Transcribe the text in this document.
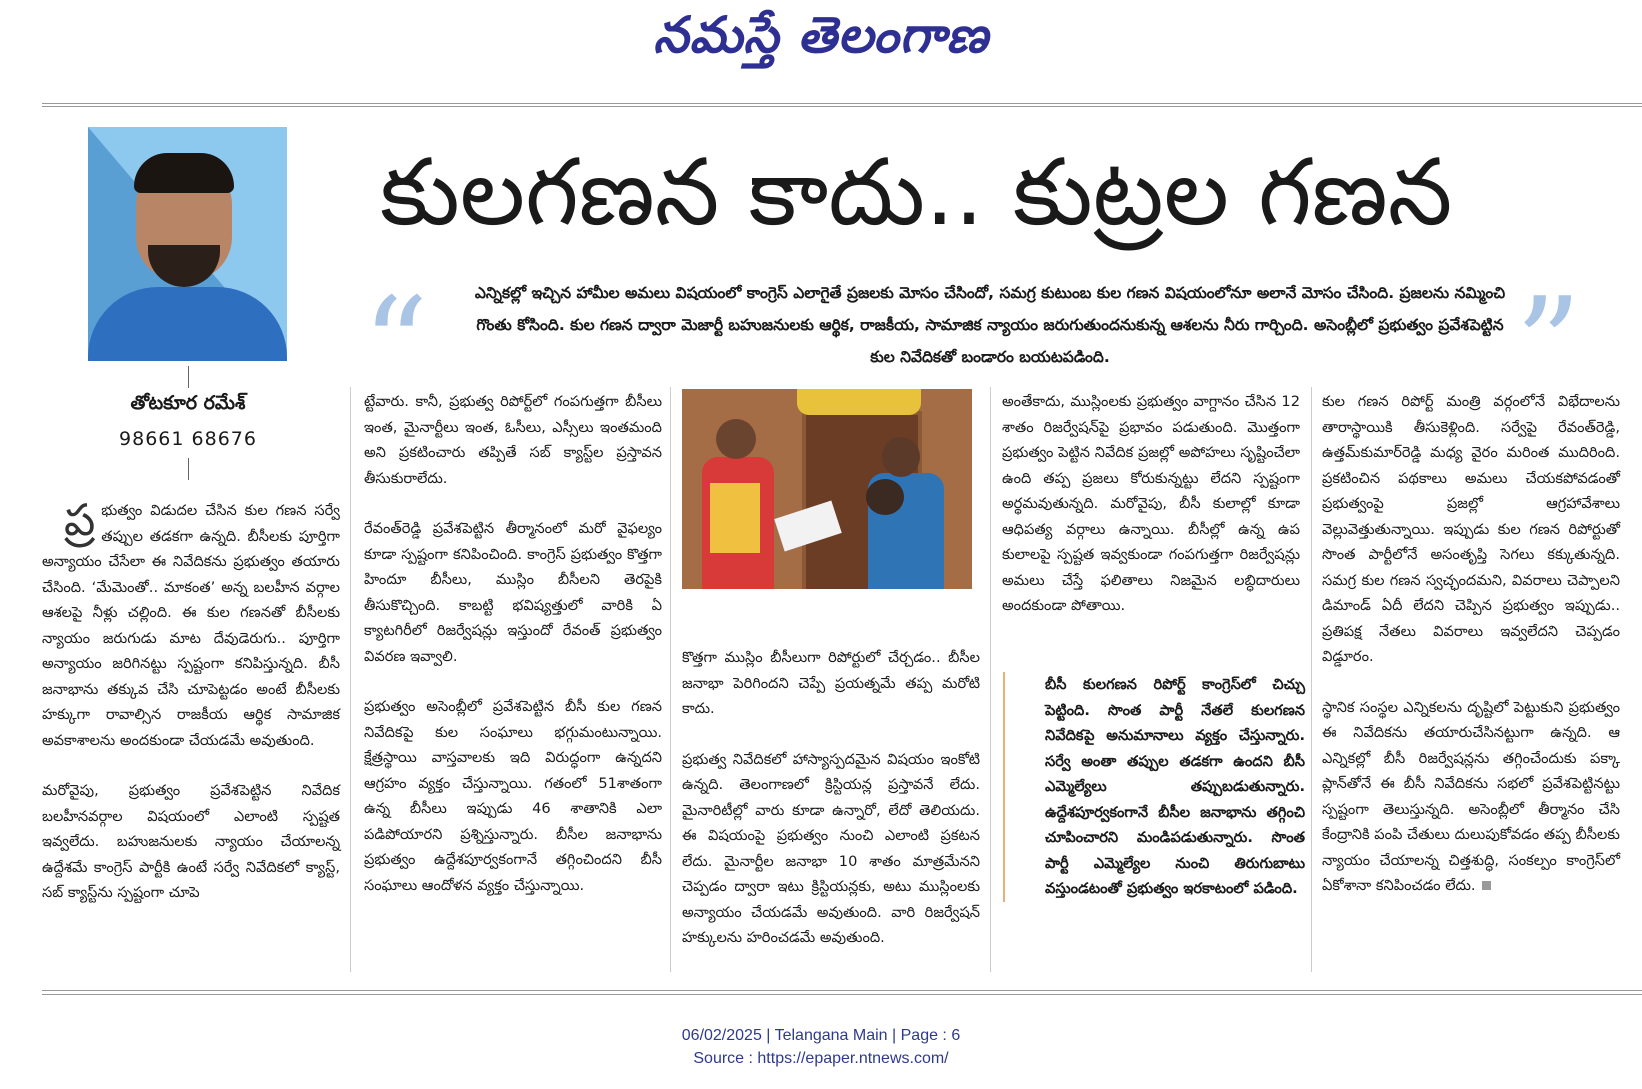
నమస్తే తెలంగాణ
తోటకూర రమేశ్
98661 68676
కులగణన కాదు.. కుట్రల గణన
“	”
ఎన్నికల్లో ఇచ్చిన హామీల అమలు విషయంలో కాంగ్రెస్ ఎలాగైతే ప్రజలకు మోసం చేసిందో, సమగ్ర కుటుంబ కుల గణన విషయంలోనూ అలానే మోసం చేసింది. ప్రజలను నమ్మించి గొంతు కోసింది. కుల గణన ద్వారా మెజార్టీ బహుజనులకు ఆర్థిక, రాజకీయ, సామాజిక న్యాయం జరుగుతుందనుకున్న ఆశలను నీరు గార్చింది. అసెంబ్లీలో ప్రభుత్వం ప్రవేశపెట్టిన కుల నివేదికతో బండారం బయటపడింది.

ప్ర భుత్వం విడుదల చేసిన కుల గణన సర్వే తప్పుల తడకగా ఉన్నది. బీసీలకు పూర్తిగా అన్యాయం చేసేలా ఈ నివేదికను ప్రభుత్వం తయారు చేసింది. ‘మేమెంతో.. మాకంత’ అన్న బలహీన వర్గాల ఆశలపై నీళ్లు చల్లింది. ఈ కుల గణనతో బీసీలకు న్యాయం జరుగుడు మాట దేవుడెరుగు.. పూర్తిగా అన్యాయం జరిగినట్టు స్పష్టంగా కనిపిస్తున్నది. బీసీ జనాభాను తక్కువ చేసి చూపెట్టడం అంటే బీసీలకు హక్కుగా రావాల్సిన రాజకీయ ఆర్థిక సామాజిక అవకాశాలను అందకుండా చేయడమే అవుతుంది.

మరోవైపు, ప్రభుత్వం ప్రవేశపెట్టిన నివేదిక బలహీనవర్గాల విషయంలో ఎలాంటి స్పష్టత ఇవ్వలేదు. బహుజనులకు న్యాయం చేయాలన్న ఉద్దేశమే కాంగ్రెస్ పార్టీకి ఉంటే సర్వే నివేదికలో క్యాస్ట్, సబ్ క్యాస్ట్‌ను స్పష్టంగా చూపె

ట్టేవారు. కానీ, ప్రభుత్వ రిపోర్ట్‌లో గంపగుత్తగా బీసీలు ఇంత, మైనార్టీలు ఇంత, ఓసీలు, ఎస్సీలు ఇంతమంది అని ప్రకటించారు తప్పితే సబ్ క్యాస్ట్‌ల ప్రస్తావన తీసుకురాలేదు.

రేవంత్‌రెడ్డి ప్రవేశపెట్టిన తీర్మానంలో మరో వైఫల్యం కూడా స్పష్టంగా కనిపించింది. కాంగ్రెస్ ప్రభుత్వం కొత్తగా హిందూ బీసీలు, ముస్లిం బీసీలని తెరపైకి తీసుకొచ్చింది. కాబట్టి భవిష్యత్తులో వారికి ఏ క్యాటగిరీలో రిజర్వేషన్లు ఇస్తుందో రేవంత్ ప్రభుత్వం వివరణ ఇవ్వాలి.

ప్రభుత్వం అసెంబ్లీలో ప్రవేశపెట్టిన బీసీ కుల గణన నివేదికపై కుల సంఘాలు భగ్గుమంటున్నాయి. క్షేత్రస్థాయి వాస్తవాలకు ఇది విరుద్ధంగా ఉన్నదని ఆగ్రహం వ్యక్తం చేస్తున్నాయి. గతంలో 51శాతంగా ఉన్న బీసీలు ఇప్పుడు 46 శాతానికి ఎలా పడిపోయారని ప్రశ్నిస్తున్నారు. బీసీల జనాభాను ప్రభుత్వం ఉద్దేశపూర్వకంగానే తగ్గించిందని బీసీ సంఘాలు ఆందోళన వ్యక్తం చేస్తున్నాయి.

కొత్తగా ముస్లిం బీసీలుగా రిపోర్టులో చేర్చడం.. బీసీల జనాభా పెరిగిందని చెప్పే ప్రయత్నమే తప్ప మరోటి కాదు.

ప్రభుత్వ నివేదికలో హాస్యాస్పదమైన విషయం ఇంకోటి ఉన్నది. తెలంగాణలో క్రిస్టియన్ల ప్రస్తావనే లేదు. మైనారిటీల్లో వారు కూడా ఉన్నారో, లేదో తెలియదు. ఈ విషయంపై ప్రభుత్వం నుంచి ఎలాంటి ప్రకటన లేదు. మైనార్టీల జనాభా 10 శాతం మాత్రమేనని చెప్పడం ద్వారా ఇటు క్రిస్టియన్లకు, అటు ముస్లింలకు అన్యాయం చేయడమే అవుతుంది. వారి రిజర్వేషన్ హక్కులను హరించడమే అవుతుంది.

అంతేకాదు, ముస్లింలకు ప్రభుత్వం వాగ్దానం చేసిన 12 శాతం రిజర్వేషన్‌పై ప్రభావం పడుతుంది. మొత్తంగా ప్రభుత్వం పెట్టిన నివేదిక ప్రజల్లో అపోహలు సృష్టించేలా ఉంది తప్ప ప్రజలు కోరుకున్నట్టు లేదని స్పష్టంగా అర్థమవుతున్నది. మరోవైపు, బీసీ కులాల్లో కూడా ఆధిపత్య వర్గాలు ఉన్నాయి. బీసీల్లో ఉన్న ఉప కులాలపై స్పష్టత ఇవ్వకుండా గంపగుత్తగా రిజర్వేషన్లు అమలు చేస్తే ఫలితాలు నిజమైన లబ్ధిదారులు అందకుండా పోతాయి.

బీసీ కులగణన రిపోర్ట్ కాంగ్రెస్‌లో చిచ్చు పెట్టింది. సొంత పార్టీ నేతలే కులగణన నివేదికపై అనుమానాలు వ్యక్తం చేస్తున్నారు. సర్వే అంతా తప్పుల తడకగా ఉందని బీసీ ఎమ్మెల్యేలు తప్పుబడుతున్నారు. ఉద్దేశపూర్వకంగానే బీసీల జనాభాను తగ్గించి చూపించారని మండిపడుతున్నారు. సొంత పార్టీ ఎమ్మెల్యేల నుంచి తిరుగుబాటు వస్తుండటంతో ప్రభుత్వం ఇరకాటంలో పడింది.

కుల గణన రిపోర్ట్ మంత్రి వర్గంలోనే విభేదాలను తారాస్థాయికి తీసుకెళ్లింది. సర్వేపై రేవంత్‌రెడ్డి, ఉత్తమ్‌కుమార్‌రెడ్డి మధ్య వైరం మరింత ముదిరింది. ప్రకటించిన పథకాలు అమలు చేయకపోవడంతో ప్రభుత్వంపై ప్రజల్లో ఆగ్రహావేశాలు వెల్లువెత్తుతున్నాయి. ఇప్పుడు కుల గణన రిపోర్టుతో సొంత పార్టీలోనే అసంతృప్తి సెగలు కక్కుతున్నది. సమగ్ర కుల గణన స్వచ్ఛందమని, వివరాలు చెప్పాలని డిమాండ్ ఏదీ లేదని చెప్పిన ప్రభుత్వం ఇప్పుడు.. ప్రతిపక్ష నేతలు వివరాలు ఇవ్వలేదని చెప్పడం విడ్డూరం.

స్థానిక సంస్థల ఎన్నికలను దృష్టిలో పెట్టుకుని ప్రభుత్వం ఈ నివేదికను తయారుచేసినట్టుగా ఉన్నది. ఆ ఎన్నికల్లో బీసీ రిజర్వేషన్లను తగ్గించేందుకు పక్కా ప్లాన్‌తోనే ఈ బీసీ నివేదికను సభలో ప్రవేశపెట్టినట్టు స్పష్టంగా తెలుస్తున్నది. అసెంబ్లీలో తీర్మానం చేసి కేంద్రానికి పంపి చేతులు దులుపుకోవడం తప్ప బీసీలకు న్యాయం చేయాలన్న చిత్తశుద్ధి, సంకల్పం కాంగ్రెస్‌లో ఏకోశానా కనిపించడం లేదు.

06/02/2025 | Telangana Main | Page : 6
Source : https://epaper.ntnews.com/
